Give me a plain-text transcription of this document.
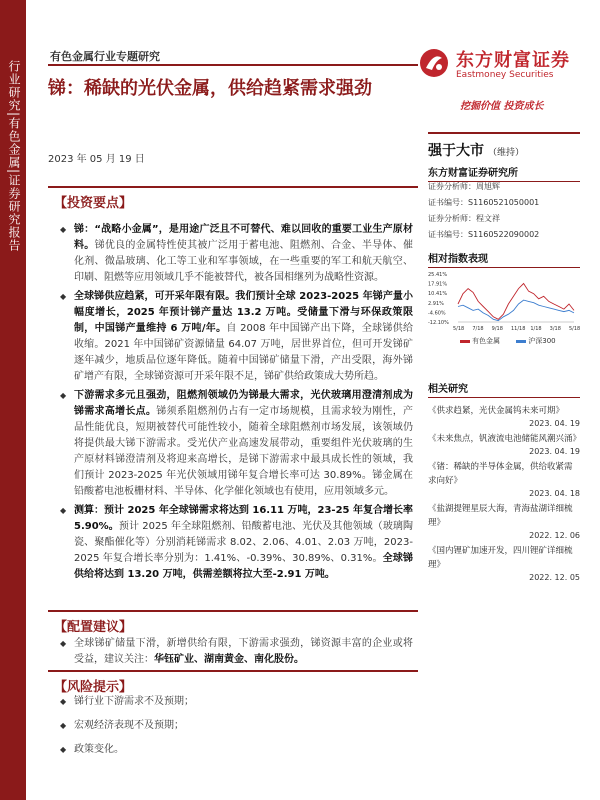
行业研究|有色金属|证券研究报告
有色金属行业专题研究	东方财富证券
Eastmoney Securities
挖掘价值 投资成长
锑：稀缺的光伏金属，供给趋紧需求强劲
2023 年 05 月 19 日
【投资要点】
◆ 锑：“战略小金属”，是用途广泛且不可替代、难以回收的重要工业生产原材料。锑优良的金属特性使其被广泛用于蓄电池、阻燃剂、合金、半导体、催化剂、微晶玻璃、化工等工业和军事领域，在一些重要的军工和航天航空、印刷、阻燃等应用领域几乎不能被替代，被各国相继列为战略性资源。
◆ 全球锑供应趋紧，可开采年限有限。我们预计全球 2023-2025 年锑产量小幅度增长，2025 年预计锑产量达 13.2 万吨。受储量下滑与环保政策限制，中国锑产量维持 6 万吨/年。自 2008 年中国锑产出下降，全球锑供给收缩。2021 年中国锑矿资源储量 64.07 万吨，居世界首位，但可开发锑矿逐年减少，地质品位逐年降低。随着中国锑矿储量下滑，产出受限，海外锑矿增产有限，全球锑资源可开采年限不足，锑矿供给政策成大势所趋。
◆ 下游需求多元且强劲，阻燃剂领域仍为锑最大需求，光伏玻璃用澄清剂成为锑需求高增长点。锑须系阻燃剂仍占有一定市场规模，且需求较为刚性，产品性能优良，短期被替代可能性较小，随着全球阻燃剂市场发展，该领域仍将提供最大锑下游需求。受光伏产业高速发展带动，重要组件光伏玻璃的生产原材料锑澄清剂及将迎来高增长，是锑下游需求中最具成长性的领域，我们预计 2023-2025 年光伏领域用锑年复合增长率可达 30.89%。锑金属在铅酸蓄电池板栅材料、半导体、化学催化领域也有使用，应用领域多元。
◆ 测算：预计 2025 年全球锑需求将达到 16.11 万吨，23-25 年复合增长率 5.90%。预计 2025 年全球阻燃剂、铅酸蓄电池、光伏及其他领域（玻璃陶瓷、聚酯催化等）分别消耗锑需求 8.02、2.06、4.01、2.03 万吨，2023-2025 年复合增长率分别为：1.41%、-0.39%、30.89%、0.31%。全球锑供给将达到 13.20 万吨，供需差额将拉大至-2.91 万吨。
【配置建议】
◆ 全球锑矿储量下滑，新增供给有限，下游需求强劲，锑资源丰富的企业或将受益，建议关注：华钰矿业、湖南黄金、南化股份。
【风险提示】
◆ 锑行业下游需求不及预期；
◆ 宏观经济表现不及预期；
◆ 政策变化。
强于大市 （维持）
东方财富证券研究所
证券分析师：周旭辉
证书编号：S1160521050001
证券分析师：程文祥
证书编号：S1160522090002
相对指数表现
25.41%
17.91%
10.41%
2.91%
-4.60%
-12.10%
5/18 7/18 9/18 11/18 1/18 3/18 5/18
有色金属	沪深300
相关研究
《供求趋紧，光伏金属钨未来可期》
2023. 04. 19
《未来焦点，钒液流电池储能风潮兴涌》
2023. 04. 19
《锗：稀缺的半导体金属，供给收紧需求向好》
2023. 04. 18
《盐湖提锂星辰大海，青海盐湖详细梳理》
2022. 12. 06
《国内锂矿加速开发，四川锂矿详细梳理》
2022. 12. 05
